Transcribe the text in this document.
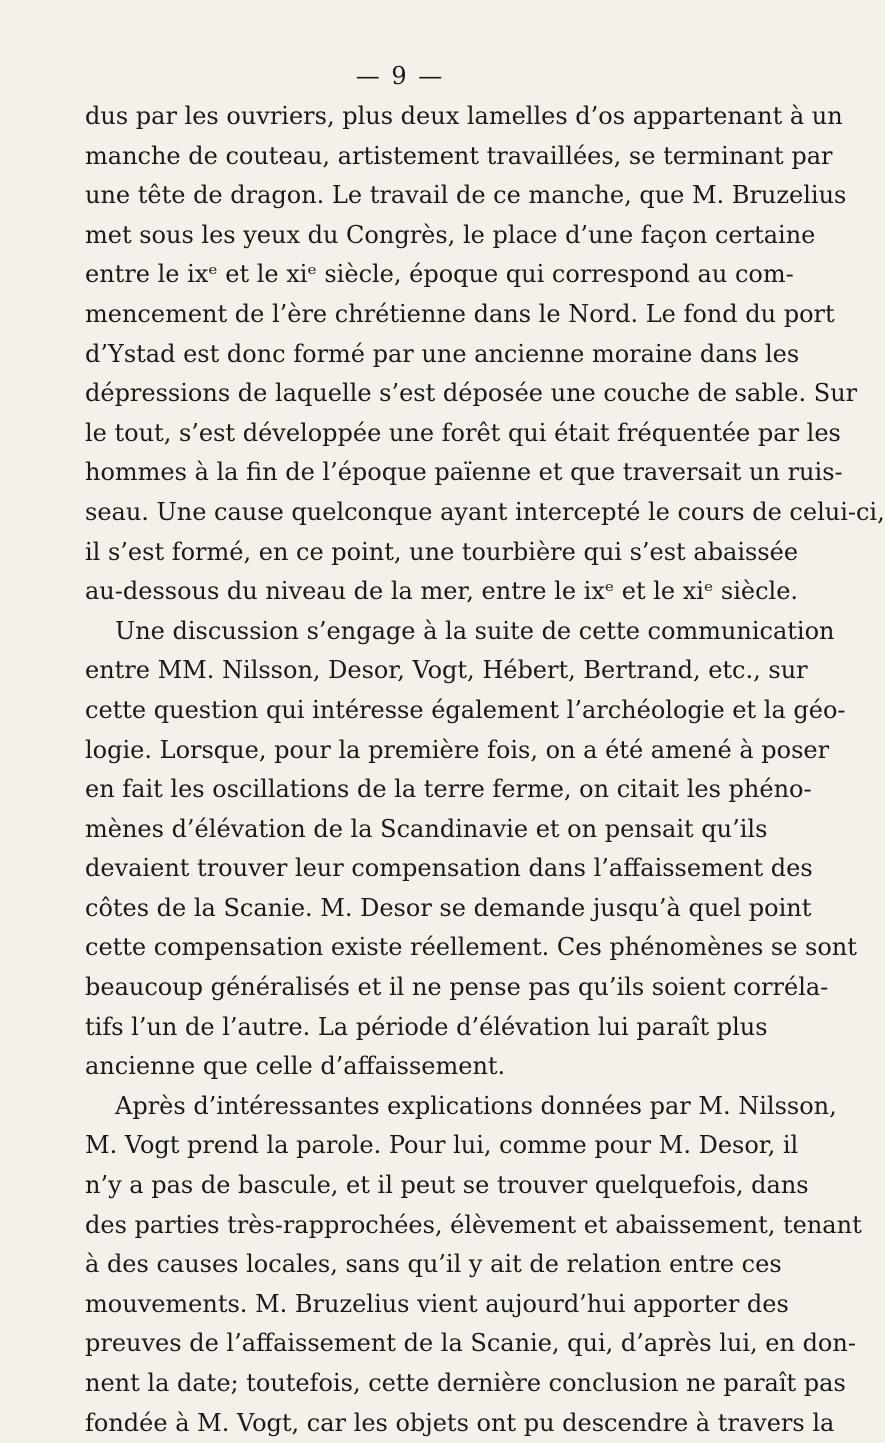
— 9 —
dus par les ouvriers, plus deux lamelles d’os appartenant à un
manche de couteau, artistement travaillées, se terminant par
une tête de dragon. Le travail de ce manche, que M. Bruzelius
met sous les yeux du Congrès, le place d’une façon certaine
entre le ixᵉ et le xiᵉ siècle, époque qui correspond au com-
mencement de l’ère chrétienne dans le Nord. Le fond du port
d’Ystad est donc formé par une ancienne moraine dans les
dépressions de laquelle s’est déposée une couche de sable. Sur
le tout, s’est développée une forêt qui était fréquentée par les
hommes à la fin de l’époque païenne et que traversait un ruis-
seau. Une cause quelconque ayant intercepté le cours de celui-ci,
il s’est formé, en ce point, une tourbière qui s’est abaissée
au-dessous du niveau de la mer, entre le ixᵉ et le xiᵉ siècle.
Une discussion s’engage à la suite de cette communication
entre MM. Nilsson, Desor, Vogt, Hébert, Bertrand, etc., sur
cette question qui intéresse également l’archéologie et la géo-
logie. Lorsque, pour la première fois, on a été amené à poser
en fait les oscillations de la terre ferme, on citait les phéno-
mènes d’élévation de la Scandinavie et on pensait qu’ils
devaient trouver leur compensation dans l’affaissement des
côtes de la Scanie. M. Desor se demande jusqu’à quel point
cette compensation existe réellement. Ces phénomènes se sont
beaucoup généralisés et il ne pense pas qu’ils soient corréla-
tifs l’un de l’autre. La période d’élévation lui paraît plus
ancienne que celle d’affaissement.
Après d’intéressantes explications données par M. Nilsson,
M. Vogt prend la parole. Pour lui, comme pour M. Desor, il
n’y a pas de bascule, et il peut se trouver quelquefois, dans
des parties très-rapprochées, élèvement et abaissement, tenant
à des causes locales, sans qu’il y ait de relation entre ces
mouvements. M. Bruzelius vient aujourd’hui apporter des
preuves de l’affaissement de la Scanie, qui, d’après lui, en don-
nent la date; toutefois, cette dernière conclusion ne paraît pas
fondée à M. Vogt, car les objets ont pu descendre à travers la
